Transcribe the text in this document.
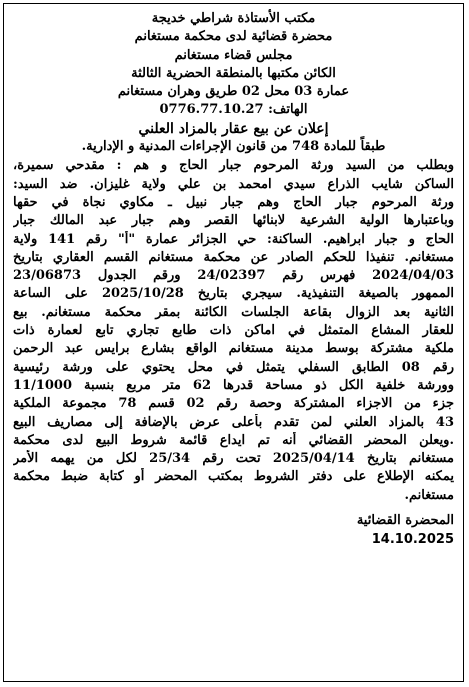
مكتب الأستاذة شراطي خديجة
محضرة قضائية لدى محكمة مستغانم
مجلس قضاء مستغانم
الكائن مكتبها بالمنطقة الحضرية الثالثة
عمارة 03 محل 02 طريق وهران مستغانم
الهاتف: 0776.77.10.27
إعلان عن بيع عقار بالمزاد العلني
طبقاً للمادة 748 من قانون الإجراءات المدنية و الإدارية.
وبطلب من السيد ورثة المرحوم جبار الحاج و هم : مقدحي سميرة،
الساكن شايب الذراع سيدي امحمد بن علي ولاية غليزان. ضد السيد:
ورثة المرحوم جبار الحاج وهم جبار نبيل ـ مكاوي نجاة في حقها
وباعتبارها الولية الشرعية لابنائها القصر وهم جبار عبد المالك جبار
الحاج و جبار ابراهيم. الساكنة: حي الجزائر عمارة "أ" رقم 141 ولاية
مستغانم. تنفيذا للحكم الصادر عن محكمة مستغانم القسم العقاري بتاريخ
2024/04/03 فهرس رقم 24/02397 ورقم الجدول 23/06873
الممهور بالصيغة التنفيذية. سيجري بتاريخ 2025/10/28 على الساعة
الثانية بعد الزوال بقاعة الجلسات الكائنة بمقر محكمة مستغانم. بيع
للعقار المشاع المتمثل في اماكن ذات طابع تجاري تابع لعمارة ذات
ملكية مشتركة بوسط مدينة مستغانم الواقع بشارع برايس عبد الرحمن
رقم 08 الطابق السفلي يتمثل في محل يحتوي على ورشة رئيسية
وورشة خلفية الكل ذو مساحة قدرها 62 متر مربع بنسبة 11/1000
جزء من الاجزاء المشتركة وحصة رقم 02 قسم 78 مجموعة الملكية
43 بالمزاد العلني لمن تقدم بأعلى عرض بالإضافة إلى مصاريف البيع
.ويعلن المحضر القضائي أنه تم ايداع قائمة شروط البيع لدى محكمة
مستغانم بتاريخ 2025/04/14 تحت رقم 25/34 لكل من يهمه الأمر
يمكنه الإطلاع على دفتر الشروط بمكتب المحضر أو كتابة ضبط محكمة
مستغانم.
المحضرة القضائية
14.10.2025
